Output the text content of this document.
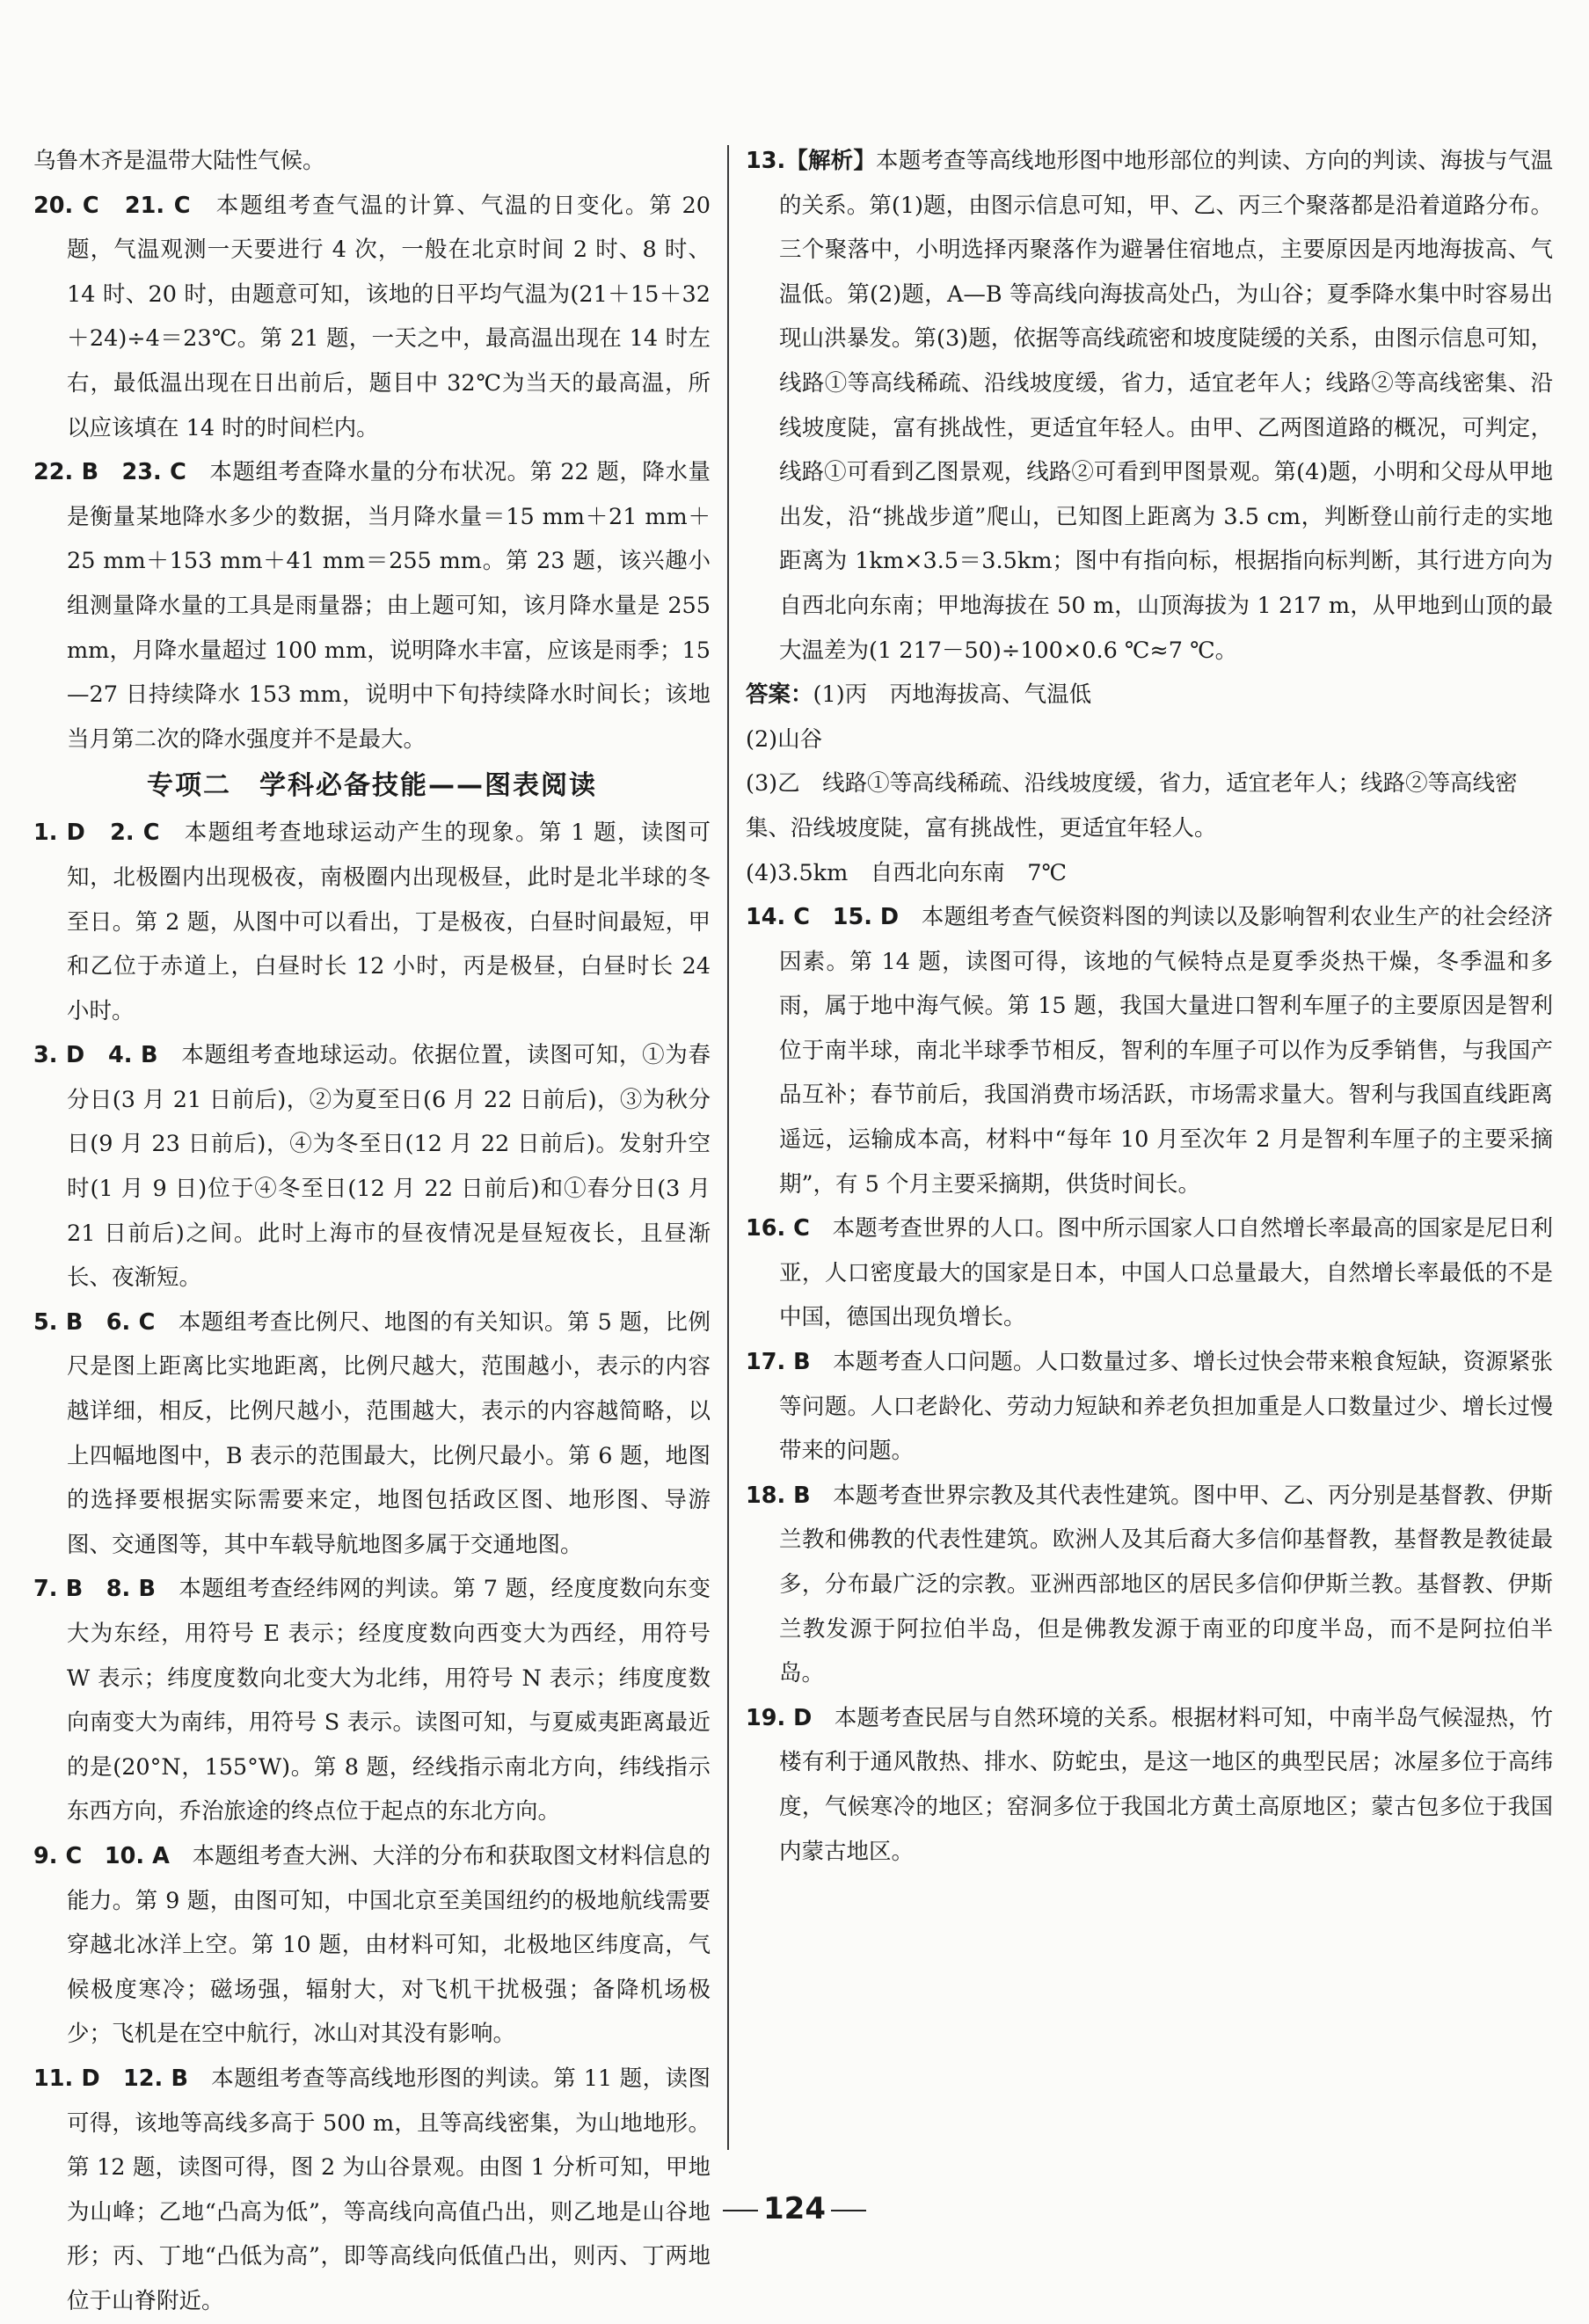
乌鲁木齐是温带大陆性气候。

20. C　21. C　 本题组考查气温的计算、气温的日变化。第 20 题，气温观测一天要进行 4 次，一般在北京时间 2 时、8 时、14 时、20 时，由题意可知，该地的日平均气温为(21＋15＋32＋24)÷4＝23℃。第 21 题，一天之中，最高温出现在 14 时左右，最低温出现在日出前后，题目中 32℃为当天的最高温，所以应该填在 14 时的时间栏内。

22. B　23. C　 本题组考查降水量的分布状况。第 22 题，降水量是衡量某地降水多少的数据，当月降水量＝15 mm＋21 mm＋25 mm＋153 mm＋41 mm＝255 mm。第 23 题，该兴趣小组测量降水量的工具是雨量器；由上题可知，该月降水量是 255 mm，月降水量超过 100 mm，说明降水丰富，应该是雨季；15—27 日持续降水 153 mm，说明中下旬持续降水时间长；该地当月第二次的降水强度并不是最大。

专项二　学科必备技能——图表阅读

1. D　2. C　 本题组考查地球运动产生的现象。第 1 题，读图可知，北极圈内出现极夜，南极圈内出现极昼，此时是北半球的冬至日。第 2 题，从图中可以看出，丁是极夜，白昼时间最短，甲和乙位于赤道上，白昼时长 12 小时，丙是极昼，白昼时长 24 小时。

3. D　4. B　 本题组考查地球运动。依据位置，读图可知，①为春分日(3 月 21 日前后)，②为夏至日(6 月 22 日前后)，③为秋分日(9 月 23 日前后)，④为冬至日(12 月 22 日前后)。发射升空时(1 月 9 日)位于④冬至日(12 月 22 日前后)和①春分日(3 月 21 日前后)之间。此时上海市的昼夜情况是昼短夜长，且昼渐长、夜渐短。

5. B　6. C　 本题组考查比例尺、地图的有关知识。第 5 题，比例尺是图上距离比实地距离，比例尺越大，范围越小，表示的内容越详细，相反，比例尺越小，范围越大，表示的内容越简略，以上四幅地图中，B 表示的范围最大，比例尺最小。第 6 题，地图的选择要根据实际需要来定，地图包括政区图、地形图、导游图、交通图等，其中车载导航地图多属于交通地图。

7. B　8. B　 本题组考查经纬网的判读。第 7 题，经度度数向东变大为东经，用符号 E 表示；经度度数向西变大为西经，用符号 W 表示；纬度度数向北变大为北纬，用符号 N 表示；纬度度数向南变大为南纬，用符号 S 表示。读图可知，与夏威夷距离最近的是(20°N，155°W)。第 8 题，经线指示南北方向，纬线指示东西方向，乔治旅途的终点位于起点的东北方向。

9. C　10. A　 本题组考查大洲、大洋的分布和获取图文材料信息的能力。第 9 题，由图可知，中国北京至美国纽约的极地航线需要穿越北冰洋上空。第 10 题，由材料可知，北极地区纬度高，气候极度寒冷；磁场强，辐射大，对飞机干扰极强；备降机场极少；飞机是在空中航行，冰山对其没有影响。

11. D　12. B　 本题组考查等高线地形图的判读。第 11 题，读图可得，该地等高线多高于 500 m，且等高线密集，为山地地形。第 12 题，读图可得，图 2 为山谷景观。由图 1 分析可知，甲地为山峰；乙地“凸高为低”，等高线向高值凸出，则乙地是山谷地形；丙、丁地“凸低为高”，即等高线向低值凸出，则丙、丁两地位于山脊附近。

13.【解析】本题考查等高线地形图中地形部位的判读、方向的判读、海拔与气温的关系。第(1)题，由图示信息可知，甲、乙、丙三个聚落都是沿着道路分布。三个聚落中，小明选择丙聚落作为避暑住宿地点，主要原因是丙地海拔高、气温低。第(2)题，A—B 等高线向海拔高处凸，为山谷；夏季降水集中时容易出现山洪暴发。第(3)题，依据等高线疏密和坡度陡缓的关系，由图示信息可知，线路①等高线稀疏、沿线坡度缓，省力，适宜老年人；线路②等高线密集、沿线坡度陡，富有挑战性，更适宜年轻人。由甲、乙两图道路的概况，可判定，线路①可看到乙图景观，线路②可看到甲图景观。第(4)题，小明和父母从甲地出发，沿“挑战步道”爬山，已知图上距离为 3.5 cm，判断登山前行走的实地距离为 1km×3.5＝3.5km；图中有指向标，根据指向标判断，其行进方向为自西北向东南；甲地海拔在 50 m，山顶海拔为 1 217 m，从甲地到山顶的最大温差为(1 217－50)÷100×0.6 ℃≈7 ℃。

答案：(1)丙　丙地海拔高、气温低

(2)山谷

(3)乙　线路①等高线稀疏、沿线坡度缓，省力，适宜老年人；线路②等高线密集、沿线坡度陡，富有挑战性，更适宜年轻人。

(4)3.5km　自西北向东南　7℃

14. C　15. D　 本题组考查气候资料图的判读以及影响智利农业生产的社会经济因素。第 14 题，读图可得，该地的气候特点是夏季炎热干燥，冬季温和多雨，属于地中海气候。第 15 题，我国大量进口智利车厘子的主要原因是智利位于南半球，南北半球季节相反，智利的车厘子可以作为反季销售，与我国产品互补；春节前后，我国消费市场活跃，市场需求量大。智利与我国直线距离遥远，运输成本高，材料中“每年 10 月至次年 2 月是智利车厘子的主要采摘期”，有 5 个月主要采摘期，供货时间长。

16. C　 本题考查世界的人口。图中所示国家人口自然增长率最高的国家是尼日利亚，人口密度最大的国家是日本，中国人口总量最大，自然增长率最低的不是中国，德国出现负增长。

17. B　 本题考查人口问题。人口数量过多、增长过快会带来粮食短缺，资源紧张等问题。人口老龄化、劳动力短缺和养老负担加重是人口数量过少、增长过慢带来的问题。

18. B　 本题考查世界宗教及其代表性建筑。图中甲、乙、丙分别是基督教、伊斯兰教和佛教的代表性建筑。欧洲人及其后裔大多信仰基督教，基督教是教徒最多，分布最广泛的宗教。亚洲西部地区的居民多信仰伊斯兰教。基督教、伊斯兰教发源于阿拉伯半岛，但是佛教发源于南亚的印度半岛，而不是阿拉伯半岛。

19. D　 本题考查民居与自然环境的关系。根据材料可知，中南半岛气候湿热，竹楼有利于通风散热、排水、防蛇虫，是这一地区的典型民居；冰屋多位于高纬度，气候寒冷的地区；窑洞多位于我国北方黄土高原地区；蒙古包多位于我国内蒙古地区。

124
